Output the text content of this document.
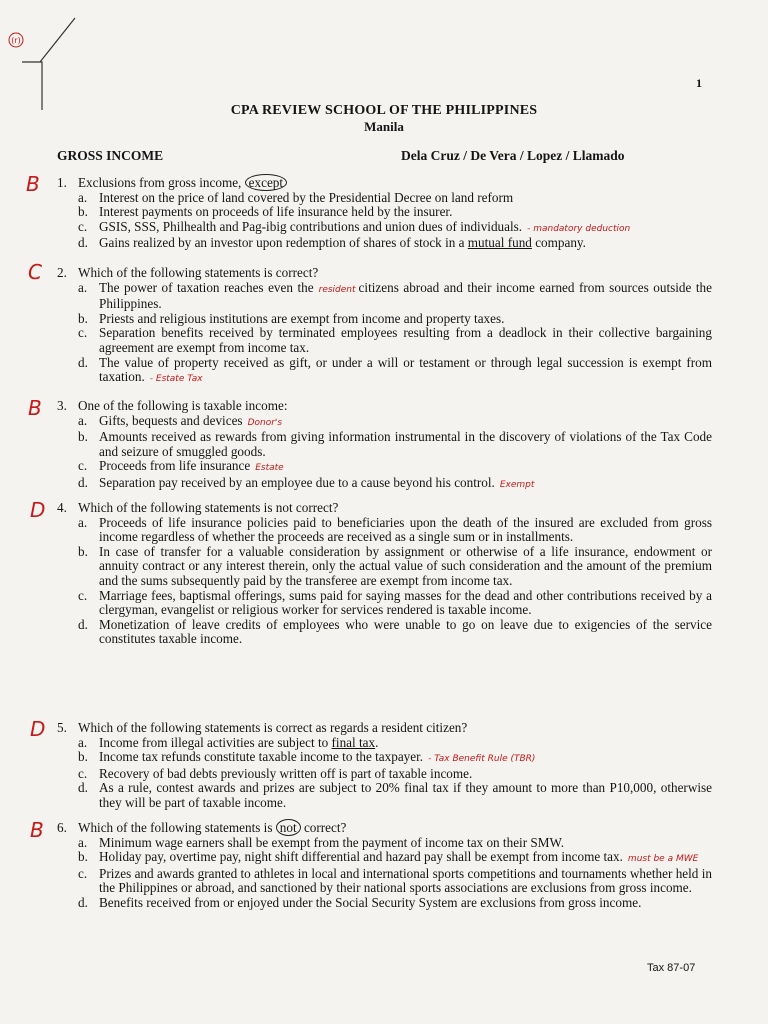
(r)
1
CPA REVIEW SCHOOL OF THE PHILIPPINES
Manila
GROSS INCOME	Dela Cruz / De Vera / Lopez / Llamado
B 1. Exclusions from gross income, except
a. Interest on the price of land covered by the Presidential Decree on land reform
b. Interest payments on proceeds of life insurance held by the insurer.
c. GSIS, SSS, Philhealth and Pag-ibig contributions and union dues of individuals. - mandatory deduction
d. Gains realized by an investor upon redemption of shares of stock in a mutual fund company.
C 2. Which of the following statements is correct?
a. The power of taxation reaches even the resident citizens abroad and their income earned from sources outside the Philippines.
b. Priests and religious institutions are exempt from income and property taxes.
c. Separation benefits received by terminated employees resulting from a deadlock in their collective bargaining agreement are exempt from income tax.
d. The value of property received as gift, or under a will or testament or through legal succession is exempt from taxation. - Estate Tax
B 3. One of the following is taxable income:
a. Gifts, bequests and devices Donor's
b. Amounts received as rewards from giving information instrumental in the discovery of violations of the Tax Code and seizure of smuggled goods.
c. Proceeds from life insurance Estate
d. Separation pay received by an employee due to a cause beyond his control. Exempt
D 4. Which of the following statements is not correct?
a. Proceeds of life insurance policies paid to beneficiaries upon the death of the insured are excluded from gross income regardless of whether the proceeds are received as a single sum or in installments.
b. In case of transfer for a valuable consideration by assignment or otherwise of a life insurance, endowment or annuity contract or any interest therein, only the actual value of such consideration and the amount of the premium and the sums subsequently paid by the transferee are exempt from income tax.
c. Marriage fees, baptismal offerings, sums paid for saying masses for the dead and other contributions received by a clergyman, evangelist or religious worker for services rendered is taxable income.
d. Monetization of leave credits of employees who were unable to go on leave due to exigencies of the service constitutes taxable income.
D 5. Which of the following statements is correct as regards a resident citizen?
a. Income from illegal activities are subject to final tax.
b. Income tax refunds constitute taxable income to the taxpayer. - Tax Benefit Rule (TBR)
c. Recovery of bad debts previously written off is part of taxable income.
d. As a rule, contest awards and prizes are subject to 20% final tax if they amount to more than P10,000, otherwise they will be part of taxable income.
B 6. Which of the following statements is not correct?
a. Minimum wage earners shall be exempt from the payment of income tax on their SMW.
b. Holiday pay, overtime pay, night shift differential and hazard pay shall be exempt from income tax. must be a MWE
c. Prizes and awards granted to athletes in local and international sports competitions and tournaments whether held in the Philippines or abroad, and sanctioned by their national sports associations are exclusions from gross income.
d. Benefits received from or enjoyed under the Social Security System are exclusions from gross income.
Tax 87-07
